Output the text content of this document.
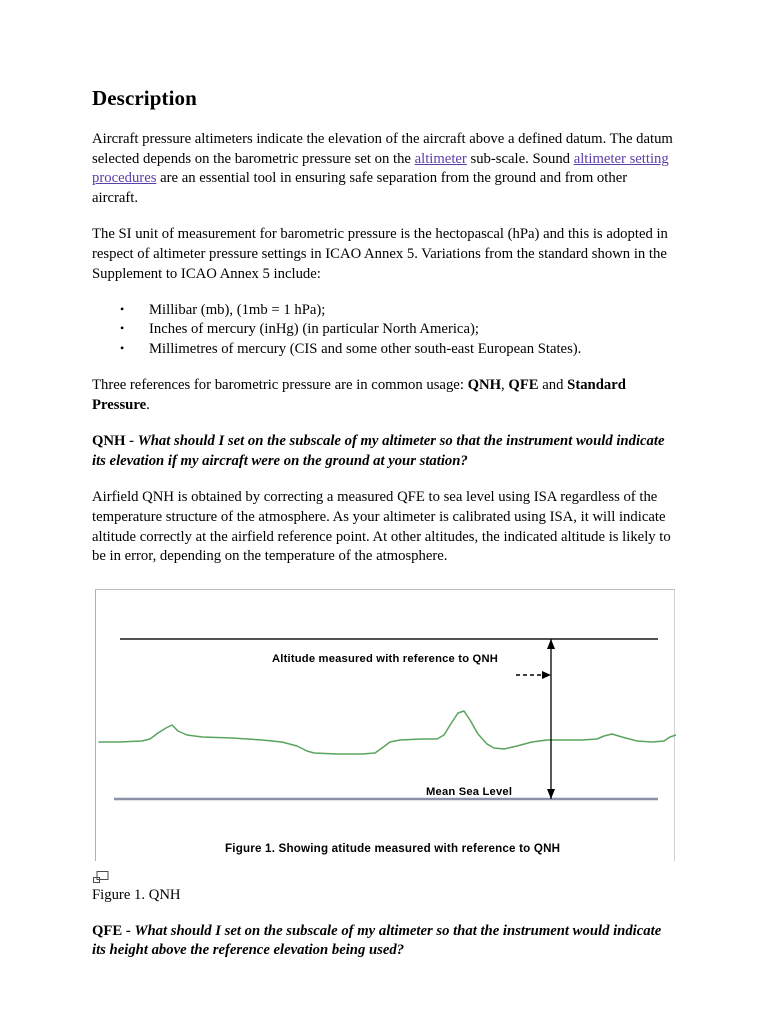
Description

Aircraft pressure altimeters indicate the elevation of the aircraft above a defined datum. The datum selected depends on the barometric pressure set on the altimeter sub-scale. Sound altimeter setting procedures are an essential tool in ensuring safe separation from the ground and from other aircraft.

The SI unit of measurement for barometric pressure is the hectopascal (hPa) and this is adopted in respect of altimeter pressure settings in ICAO Annex 5. Variations from the standard shown in the Supplement to ICAO Annex 5 include:

• Millibar (mb), (1mb = 1 hPa);
• Inches of mercury (inHg) (in particular North America);
• Millimetres of mercury (CIS and some other south-east European States).

Three references for barometric pressure are in common usage: QNH, QFE and Standard Pressure.

QNH - What should I set on the subscale of my altimeter so that the instrument would indicate its elevation if my aircraft were on the ground at your station?

Airfield QNH is obtained by correcting a measured QFE to sea level using ISA regardless of the temperature structure of the atmosphere. As your altimeter is calibrated using ISA, it will indicate altitude correctly at the airfield reference point. At other altitudes, the indicated altitude is likely to be in error, depending on the temperature of the atmosphere.

Altitude measured with reference to QNH
Mean Sea Level
Figure 1. Showing atitude measured with reference to QNH

Figure 1. QNH

QFE - What should I set on the subscale of my altimeter so that the instrument would indicate its height above the reference elevation being used?
